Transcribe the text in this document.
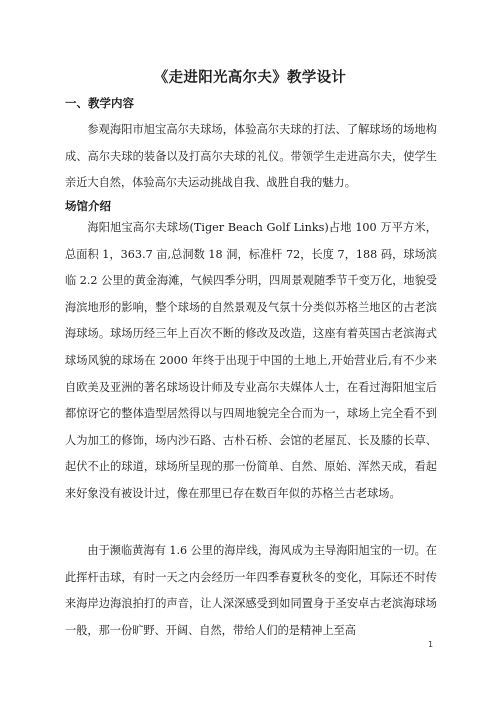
《走进阳光高尔夫》教学设计
一、教学内容

参观海阳市旭宝高尔夫球场，体验高尔夫球的打法、了解球场的场地构成、高尔夫球的装备以及打高尔夫球的礼仪。带领学生走进高尔夫，使学生亲近大自然，体验高尔夫运动挑战自我、战胜自我的魅力。

场馆介绍

海阳旭宝高尔夫球场(Tiger Beach Golf Links)占地 100 万平方米，总面积 1，363.7 亩,总洞数 18 洞，标准杆 72，长度 7，188 码，球场滨临 2.2 公里的黄金海滩，气候四季分明，四周景观随季节千变万化，地貌受海滨地形的影响，整个球场的自然景观及气氛十分类似苏格兰地区的古老滨海球场。球场历经三年上百次不断的修改及改造，这座有着英国古老滨海式球场风貌的球场在 2000 年终于出现于中国的土地上,开始营业后,有不少来自欧美及亚洲的著名球场设计师及专业高尔夫媒体人士，在看过海阳旭宝后都惊讶它的整体造型居然得以与四周地貌完全合而为一，球场上完全看不到人为加工的修饰，场内沙石路、古朴石桥、会馆的老屋瓦、长及膝的长草、起伏不止的球道，球场所呈现的那一份简单、自然、原始、浑然天成，看起来好象没有被设计过，像在那里已存在数百年似的苏格兰古老球场。

由于濒临黄海有 1.6 公里的海岸线，海风成为主导海阳旭宝的一切。在此挥杆击球，有时一天之内会经历一年四季春夏秋冬的变化，耳际还不时传来海岸边海浪拍打的声音，让人深深感受到如同置身于圣安卓古老滨海球场一般，那一份旷野、开阔、自然，带给人们的是精神上至高

1
